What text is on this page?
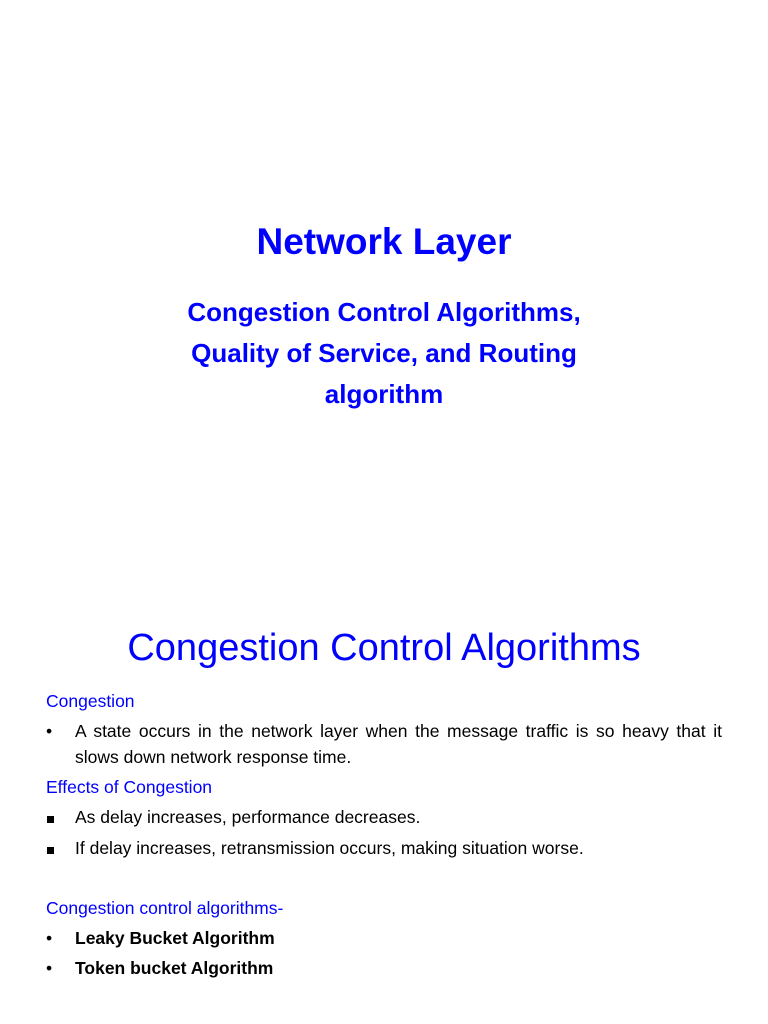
Network Layer
Congestion Control Algorithms,
Quality of Service, and Routing
algorithm
Congestion Control Algorithms

Congestion

•	A state occurs in the network layer when the message traffic is so heavy that it slows down network response time.

Effects of Congestion

As delay increases, performance decreases.
If delay increases, retransmission occurs, making situation worse.

Congestion control algorithms-

•	Leaky Bucket Algorithm
•	Token bucket Algorithm
